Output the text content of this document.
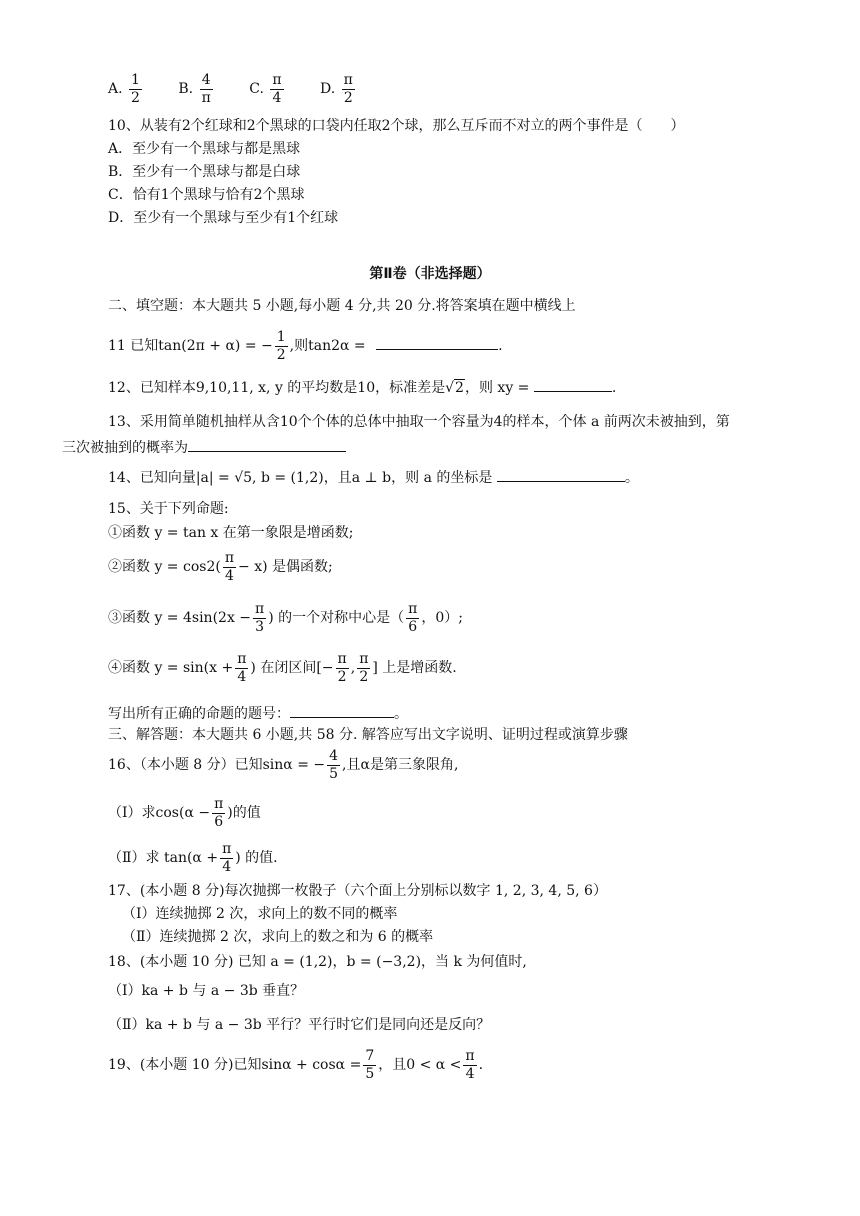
A. $\frac{1}{2}$	B. $\frac{4}{\pi}$	C. $\frac{\pi}{4}$	D. $\frac{\pi}{2}$
10、从装有2个红球和2个黑球的口袋内任取2个球，那么互斥而不对立的两个事件是（　　）
A．至少有一个黑球与都是黑球
B．至少有一个黑球与都是白球
C．恰有1个黑球与恰有2个黑球
D．至少有一个黑球与至少有1个红球
第Ⅱ卷（非选择题）
二、填空题：本大题共 5 小题,每小题 4 分,共 20 分.将答案填在题中横线上
11 已知tan(2π + α) = − $\frac{1}{2}$ ,则tan2α =	.
12、已知样本9,10,11, x, y 的平均数是10，标准差是√2，则 xy =	.
13、采用简单随机抽样从含10个个体的总体中抽取一个容量为4的样本，个体 a 前两次未被抽到，第
三次被抽到的概率为
14、已知向量|a| = √5, b = (1,2)，且a ⊥ b，则 a 的坐标是	。
15、关于下列命题:
①函数 y = tan x 在第一象限是增函数;
②函数 $y = \cos 2( \frac{\pi}{4} - x)$ 是偶函数;
③函数 $y = 4\sin(2x - \frac{\pi}{3}$ ) 的一个对称中心是（ $\frac{\pi}{6}$ ，0）;
④函数 $y = \sin(x + \frac{\pi}{4}$ ) 在闭区间[− $\frac{\pi}{2}$ , $\frac{\pi}{2}$ ] 上是增函数.
写出所有正确的命题的题号：	。
三、解答题：本大题共 6 小题,共 58 分. 解答应写出文字说明、证明过程或演算步骤
16、（本小题 8 分）已知sinα = − $\frac{4}{5}$ ,且α是第三象限角,
（Ⅰ）求$\cos(\alpha - \frac{\pi}{6}$ )的值
（Ⅱ）求 $\tan(\alpha + \frac{\pi}{4}$ ) 的值.
17、(本小题 8 分)每次抛掷一枚骰子（六个面上分别标以数字 1, 2, 3, 4, 5, 6）
（Ⅰ）连续抛掷 2 次，求向上的数不同的概率
（Ⅱ）连续抛掷 2 次，求向上的数之和为 6 的概率
18、(本小题 10 分) 已知 a = (1,2)，b = (−3,2)，当 k 为何值时,
（Ⅰ）ka + b 与 a − 3b 垂直？
（Ⅱ）ka + b 与 a − 3b 平行？平行时它们是同向还是反向？
19、(本小题 10 分)已知$\sin\alpha + \cos\alpha = \frac{7}{5}$ ，且$0 < \alpha < \frac{\pi}{4}$ .
